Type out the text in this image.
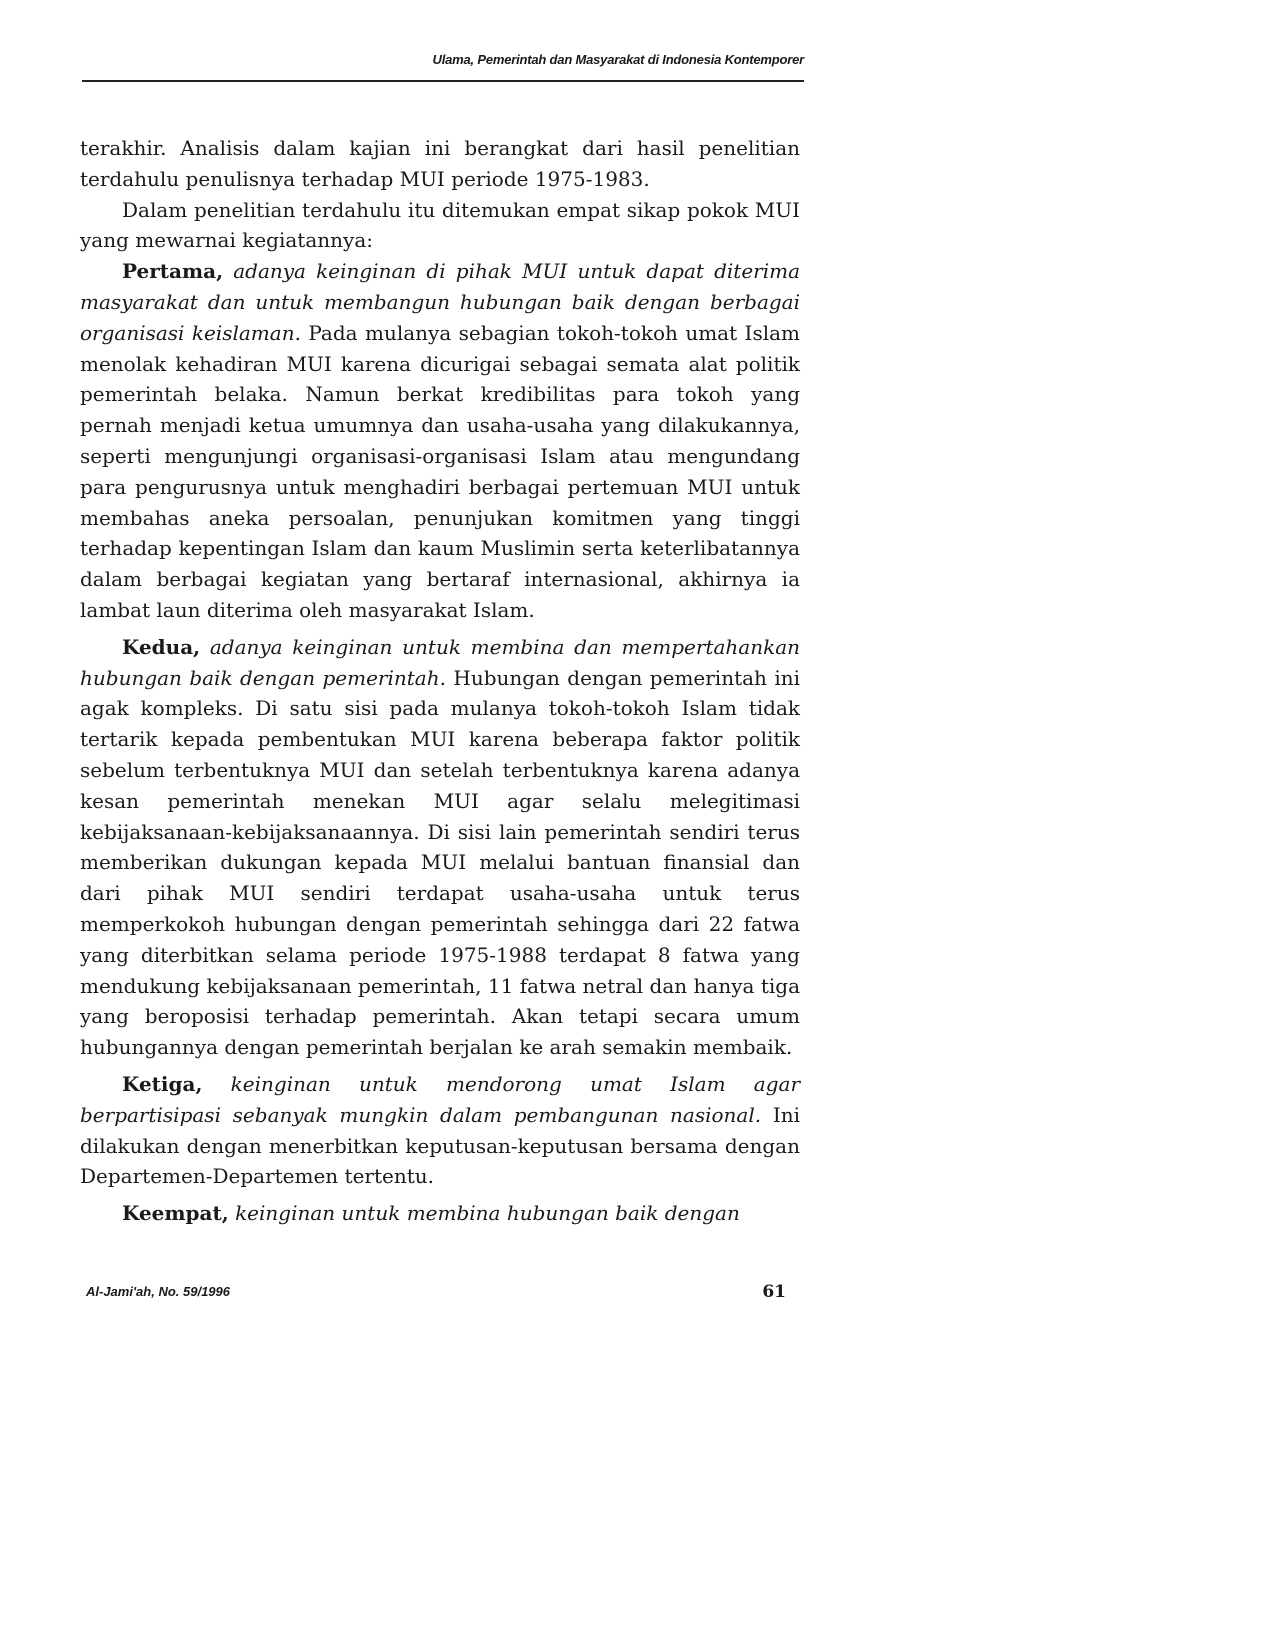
Ulama, Pemerintah dan Masyarakat di Indonesia Kontemporer

terakhir. Analisis dalam kajian ini berangkat dari hasil penelitian terdahulu penulisnya terhadap MUI periode 1975-1983.

Dalam penelitian terdahulu itu ditemukan empat sikap pokok MUI yang mewarnai kegiatannya:

Pertama, adanya keinginan di pihak MUI untuk dapat diterima masyarakat dan untuk membangun hubungan baik dengan berbagai organisasi keislaman. Pada mulanya sebagian tokoh-tokoh umat Islam menolak kehadiran MUI karena dicurigai sebagai semata alat politik pemerintah belaka. Namun berkat kredibilitas para tokoh yang pernah menjadi ketua umumnya dan usaha-usaha yang dilakukannya, seperti mengunjungi organisasi-organisasi Islam atau mengundang para pengurusnya untuk menghadiri berbagai pertemuan MUI untuk membahas aneka persoalan, penunjukan komitmen yang tinggi terhadap kepentingan Islam dan kaum Muslimin serta keterlibatannya dalam berbagai kegiatan yang bertaraf internasional, akhirnya ia lambat laun diterima oleh masyarakat Islam.

Kedua, adanya keinginan untuk membina dan mempertahankan hubungan baik dengan pemerintah. Hubungan dengan pemerintah ini agak kompleks. Di satu sisi pada mulanya tokoh-tokoh Islam tidak tertarik kepada pembentukan MUI karena beberapa faktor politik sebelum terbentuknya MUI dan setelah terbentuknya karena adanya kesan pemerintah menekan MUI agar selalu melegitimasi kebijaksanaan-kebijaksanaannya. Di sisi lain pemerintah sendiri terus memberikan dukungan kepada MUI melalui bantuan finansial dan dari pihak MUI sendiri terdapat usaha-usaha untuk terus memperkokoh hubungan dengan pemerintah sehingga dari 22 fatwa yang diterbitkan selama periode 1975-1988 terdapat 8 fatwa yang mendukung kebijaksanaan pemerintah, 11 fatwa netral dan hanya tiga yang beroposisi terhadap pemerintah. Akan tetapi secara umum hubungannya dengan pemerintah berjalan ke arah semakin membaik.

Ketiga, keinginan untuk mendorong umat Islam agar berpartisipasi sebanyak mungkin dalam pembangunan nasional. Ini dilakukan dengan menerbitkan keputusan-keputusan bersama dengan Departemen-Departemen tertentu.

Keempat, keinginan untuk membina hubungan baik dengan

Al-Jami'ah, No. 59/1996	61
